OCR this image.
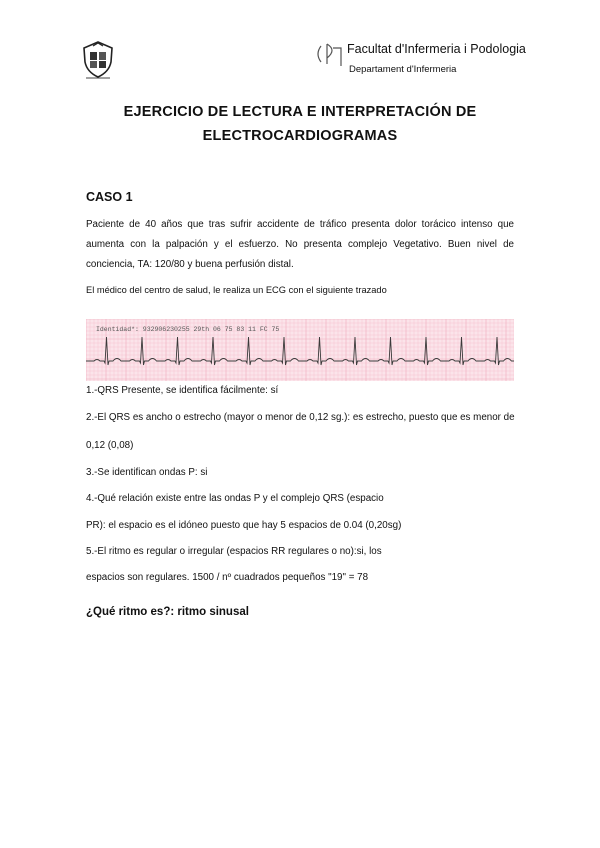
Facultat d'Infermeria i Podologia
Departament d'Infermeria
EJERCICIO DE LECTURA E INTERPRETACIÓN DE
ELECTROCARDIOGRAMAS
CASO 1
Paciente de 40 años que tras sufrir accidente de tráfico presenta dolor torácico intenso que aumenta con la palpación y el esfuerzo. No presenta complejo Vegetativo. Buen nivel de conciencia, TA: 120/80 y buena perfusión distal.
El médico del centro de salud, le realiza un ECG con el siguiente trazado
Identidad*: 932906230255 29th 06 75 83 11 FC 75
1.-QRS Presente, se identifica fácilmente: sí
2.-El QRS es ancho o estrecho (mayor o menor de 0,12 sg.): es estrecho, puesto que es menor de
0,12 (0,08)
3.-Se identifican ondas P: si
4.-Qué relación existe entre las ondas P y el complejo QRS (espacio
PR): el espacio es el idóneo puesto que hay 5 espacios de 0.04 (0,20sg)
5.-El ritmo es regular o irregular (espacios RR regulares o no):si, los
espacios son regulares. 1500 / nº cuadrados pequeños "19" = 78
¿Qué ritmo es?: ritmo sinusal
